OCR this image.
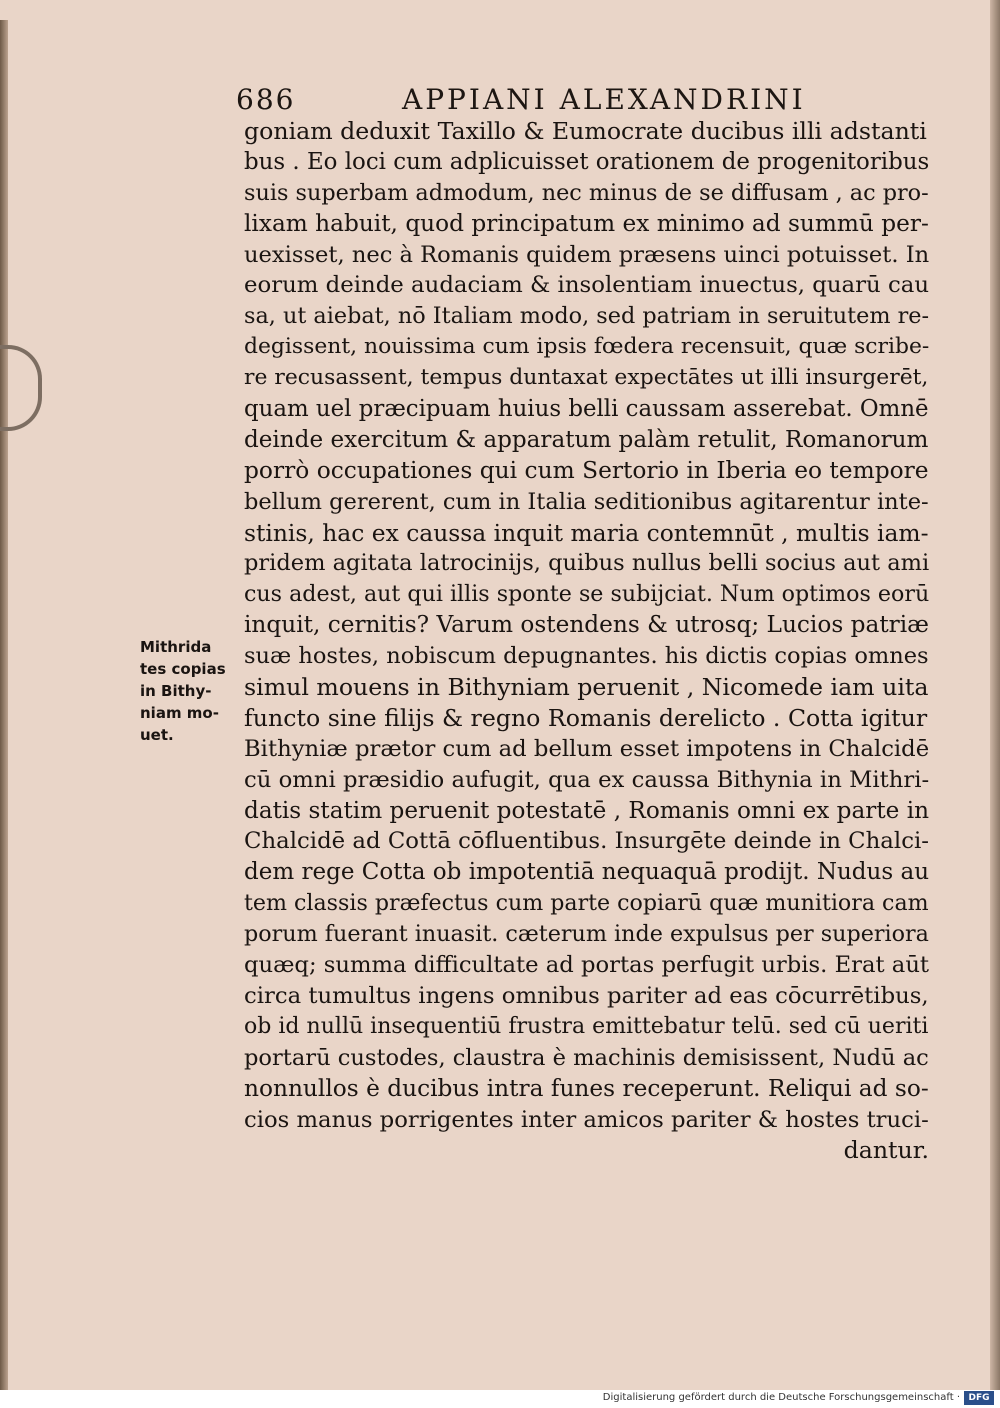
686	APPIANI ALEXANDRINI
Mithrida
tes copias
in Bithy-
niam mo-
uet.
goniam deduxit Taxillo & Eumocrate ducibus illi adstanti
bus . Eo loci cum adplicuisset orationem de progenitoribus
suis superbam admodum, nec minus de se diffusam , ac pro-
lixam habuit, quod principatum ex minimo ad summū per-
uexisset, nec à Romanis quidem præsens uinci potuisset. In
eorum deinde audaciam & insolentiam inuectus, quarū cau
sa, ut aiebat, nō Italiam modo, sed patriam in seruitutem re-
degissent, nouissima cum ipsis fœdera recensuit, quæ scribe-
re recusassent, tempus duntaxat expectātes ut illi insurgerēt,
quam uel præcipuam huius belli caussam asserebat. Omnē
deinde exercitum & apparatum palàm retulit, Romanorum
porrò occupationes qui cum Sertorio in Iberia eo tempore
bellum gererent, cum in Italia seditionibus agitarentur inte-
stinis, hac ex caussa inquit maria contemnūt , multis iam-
pridem agitata latrocinijs, quibus nullus belli socius aut ami
cus adest, aut qui illis sponte se subijciat. Num optimos eorū
inquit, cernitis? Varum ostendens & utrosq; Lucios patriæ
suæ hostes, nobiscum depugnantes. his dictis copias omnes
simul mouens in Bithyniam peruenit , Nicomede iam uita
functo sine filijs & regno Romanis derelicto . Cotta igitur
Bithyniæ prætor cum ad bellum esset impotens in Chalcidē
cū omni præsidio aufugit, qua ex caussa Bithynia in Mithri-
datis statim peruenit potestatē , Romanis omni ex parte in
Chalcidē ad Cottā cōfluentibus. Insurgēte deinde in Chalci-
dem rege Cotta ob impotentiā nequaquā prodijt. Nudus au
tem classis præfectus cum parte copiarū quæ munitiora cam
porum fuerant inuasit. cæterum inde expulsus per superiora
quæq; summa difficultate ad portas perfugit urbis. Erat aūt
circa tumultus ingens omnibus pariter ad eas cōcurrētibus,
ob id nullū insequentiū frustra emittebatur telū. sed cū ueriti
portarū custodes, claustra è machinis demisissent, Nudū ac
nonnullos è ducibus intra funes receperunt. Reliqui ad so-
cios manus porrigentes inter amicos pariter & hostes truci-
dantur.
Digitalisierung gefördert durch die Deutsche Forschungsgemeinschaft · DFG
